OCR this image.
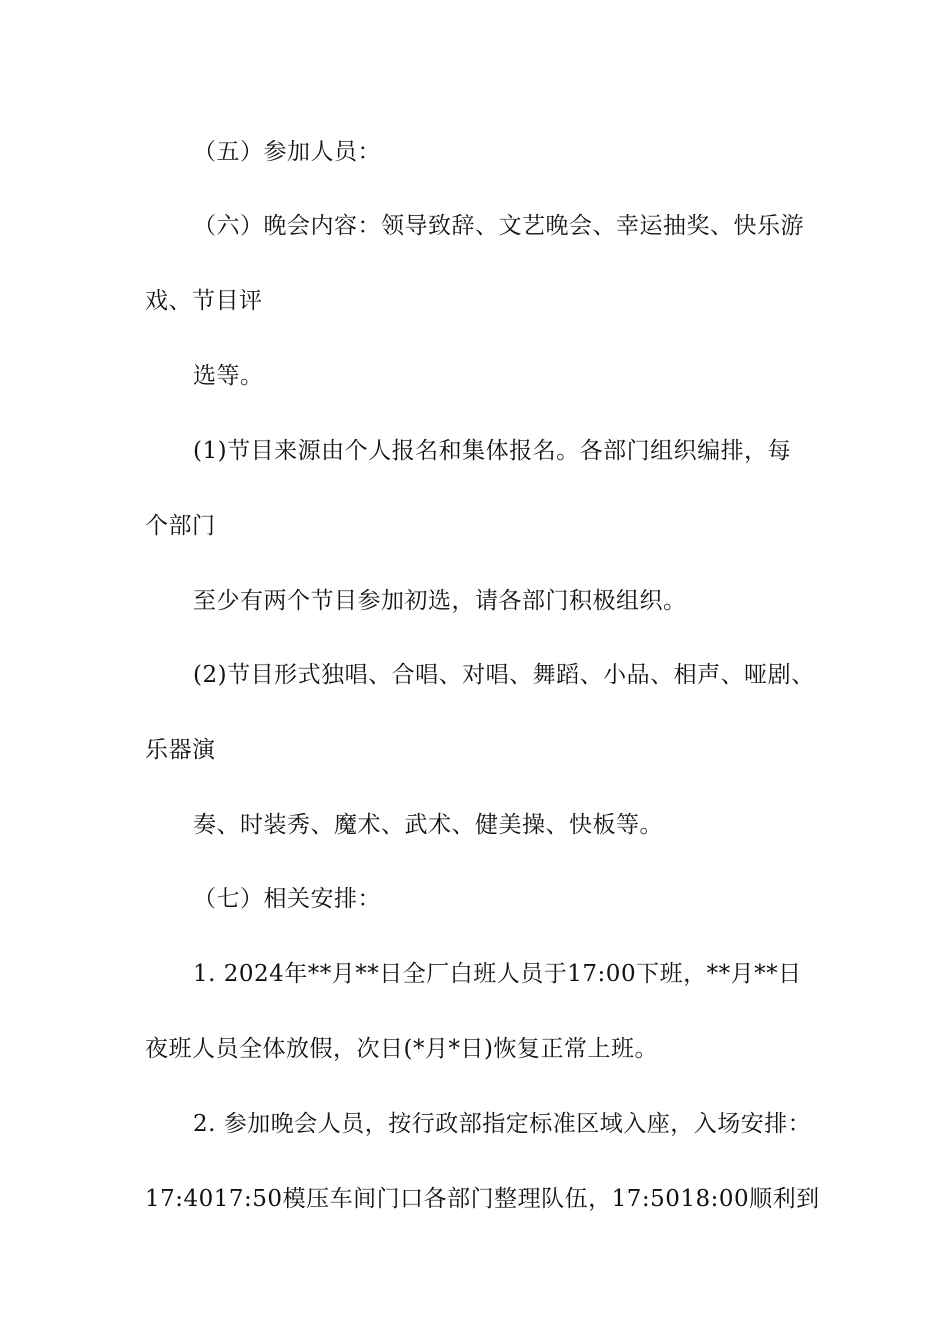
（五）参加人员：
（六）晚会内容：领导致辞、文艺晚会、幸运抽奖、快乐游
戏、节目评
选等。
(1)节目来源由个人报名和集体报名。各部门组织编排，每
个部门
至少有两个节目参加初选，请各部门积极组织。
(2)节目形式独唱、合唱、对唱、舞蹈、小品、相声、哑剧、
乐器演
奏、时装秀、魔术、武术、健美操、快板等。
（七）相关安排：
1. 2024年**月**日全厂白班人员于17:00下班，**月**日
夜班人员全体放假，次日(*月*日)恢复正常上班。
2. 参加晚会人员，按行政部指定标准区域入座，入场安排：
17:4017:50模压车间门口各部门整理队伍，17:5018:00顺利到
